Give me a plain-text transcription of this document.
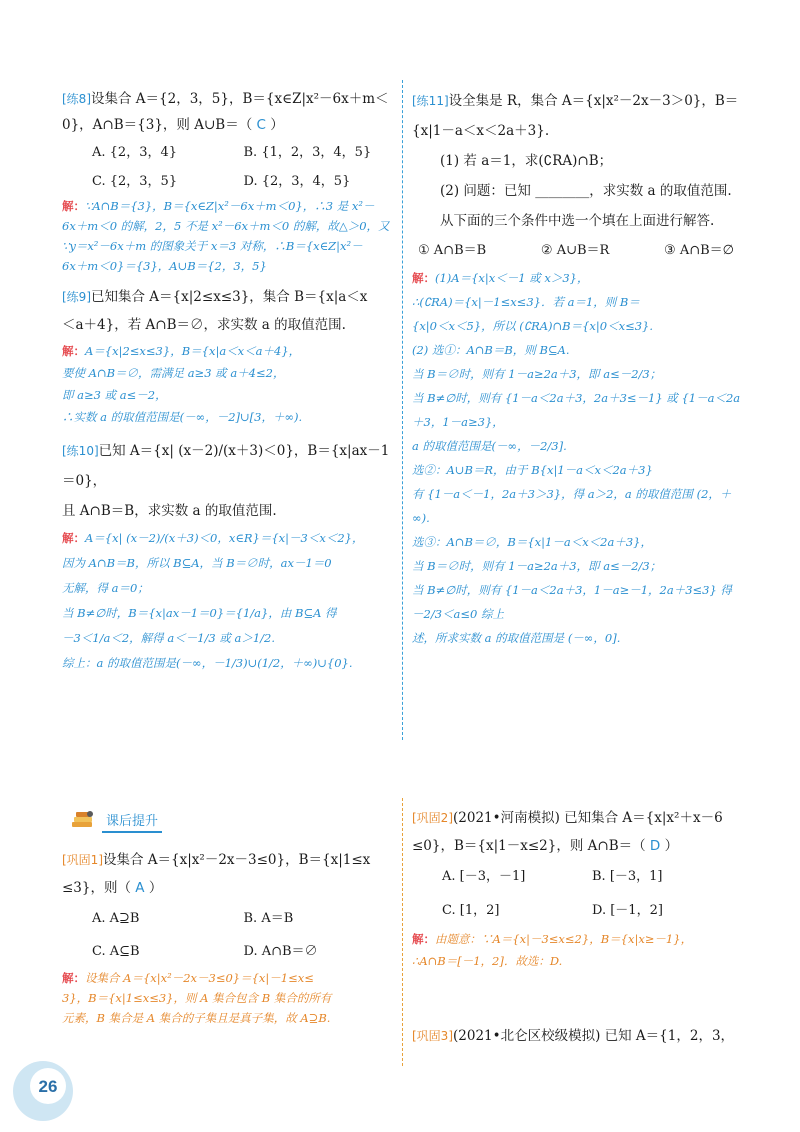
[练8]设集合 A＝{2，3，5}，B＝{x∈Z|x²－6x＋m＜

0}，A∩B＝{3}，则 A∪B＝（ C ）

A. {2，3，4}	B. {1，2，3，4，5}
C. {2，3，5}	D. {2，3，4，5}

解：∵A∩B＝{3}，B＝{x∈Z|x²－6x＋m＜0}，∴3 是 x²－

6x＋m＜0 的解，2，5 不是 x²－6x＋m＜0 的解，故△＞0，又

∵y＝x²－6x＋m 的图象关于 x＝3 对称，∴B＝{x∈Z|x²－

6x＋m＜0}＝{3}，A∪B＝{2，3，5}

[练9]已知集合 A＝{x|2≤x≤3}，集合 B＝{x|a＜x

＜a＋4}，若 A∩B＝∅，求实数 a 的取值范围.

解：A＝{x|2≤x≤3}，B＝{x|a＜x＜a＋4}，

要使 A∩B＝∅，需满足 a≥3 或 a＋4≤2，

即 a≥3 或 a≤－2，

∴实数 a 的取值范围是(－∞，－2]∪[3，＋∞).

[练10]已知 A＝{x| (x－2)/(x＋3)＜0}，B＝{x|ax－1＝0}，

且 A∩B＝B，求实数 a 的取值范围.

解：A＝{x| (x－2)/(x＋3)＜0，x∈R}＝{x|－3＜x＜2}，

因为 A∩B＝B，所以 B⊆A，当 B＝∅时，ax－1＝0

无解，得 a＝0；

当 B≠∅时，B＝{x|ax－1＝0}＝{1/a}，由 B⊆A 得

－3＜1/a＜2，解得 a＜－1/3 或 a＞1/2.

综上：a 的取值范围是(－∞，－1/3)∪(1/2，＋∞)∪{0}.

[练11]设全集是 R，集合 A＝{x|x²－2x－3＞0}，B＝

{x|1－a＜x＜2a＋3}.

(1) 若 a＝1，求(∁RA)∩B；

(2) 问题：已知 ________，求实数 a 的取值范围.

从下面的三个条件中选一个填在上面进行解答.

① A∩B＝B	② A∪B＝R	③ A∩B＝∅

解：(1)A＝{x|x＜－1 或 x＞3}，

∴(∁RA)＝{x|－1≤x≤3}．若 a＝1，则 B＝

{x|0＜x＜5}，所以 (∁RA)∩B＝{x|0＜x≤3}.

(2) 选①：A∩B＝B，则 B⊆A.

当 B＝∅时，则有 1－a≥2a＋3，即 a≤－2/3；

当 B≠∅时，则有 {1－a＜2a＋3，2a＋3≤－1} 或 {1－a＜2a＋3，1－a≥3}，

a 的取值范围是(－∞，－2/3].

选②：A∪B＝R，由于 B{x|1－a＜x＜2a＋3}

有 {1－a＜－1，2a＋3＞3}，得 a＞2，a 的取值范围 (2，＋∞).

选③：A∩B＝∅，B＝{x|1－a＜x＜2a＋3}，

当 B＝∅时，则有 1－a≥2a＋3，即 a≤－2/3；

当 B≠∅时，则有 {1－a＜2a＋3，1－a≥－1，2a＋3≤3} 得－2/3＜a≤0 综上

述，所求实数 a 的取值范围是 (－∞，0].

课后提升

[巩固1]设集合 A＝{x|x²－2x－3≤0}，B＝{x|1≤x

≤3}，则（ A ）

A. A⊇B	B. A＝B
C. A⊆B	D. A∩B＝∅

解：设集合 A＝{x|x²－2x－3≤0}＝{x|－1≤x≤

3}，B＝{x|1≤x≤3}，则 A 集合包含 B 集合的所有

元素，B 集合是 A 集合的子集且是真子集，故 A⊇B.

[巩固2](2021•河南模拟) 已知集合 A＝{x|x²＋x－6

≤0}，B＝{x|1－x≤2}，则 A∩B＝（ D ）

A. [－3，－1]	B. [－3，1]
C. [1，2]	D. [－1，2]

解：由题意：∵A＝{x|－3≤x≤2}，B＝{x|x≥－1}，

∴A∩B＝[－1，2]．故选：D.

[巩固3](2021•北仑区校级模拟) 已知 A＝{1，2，3，

26
